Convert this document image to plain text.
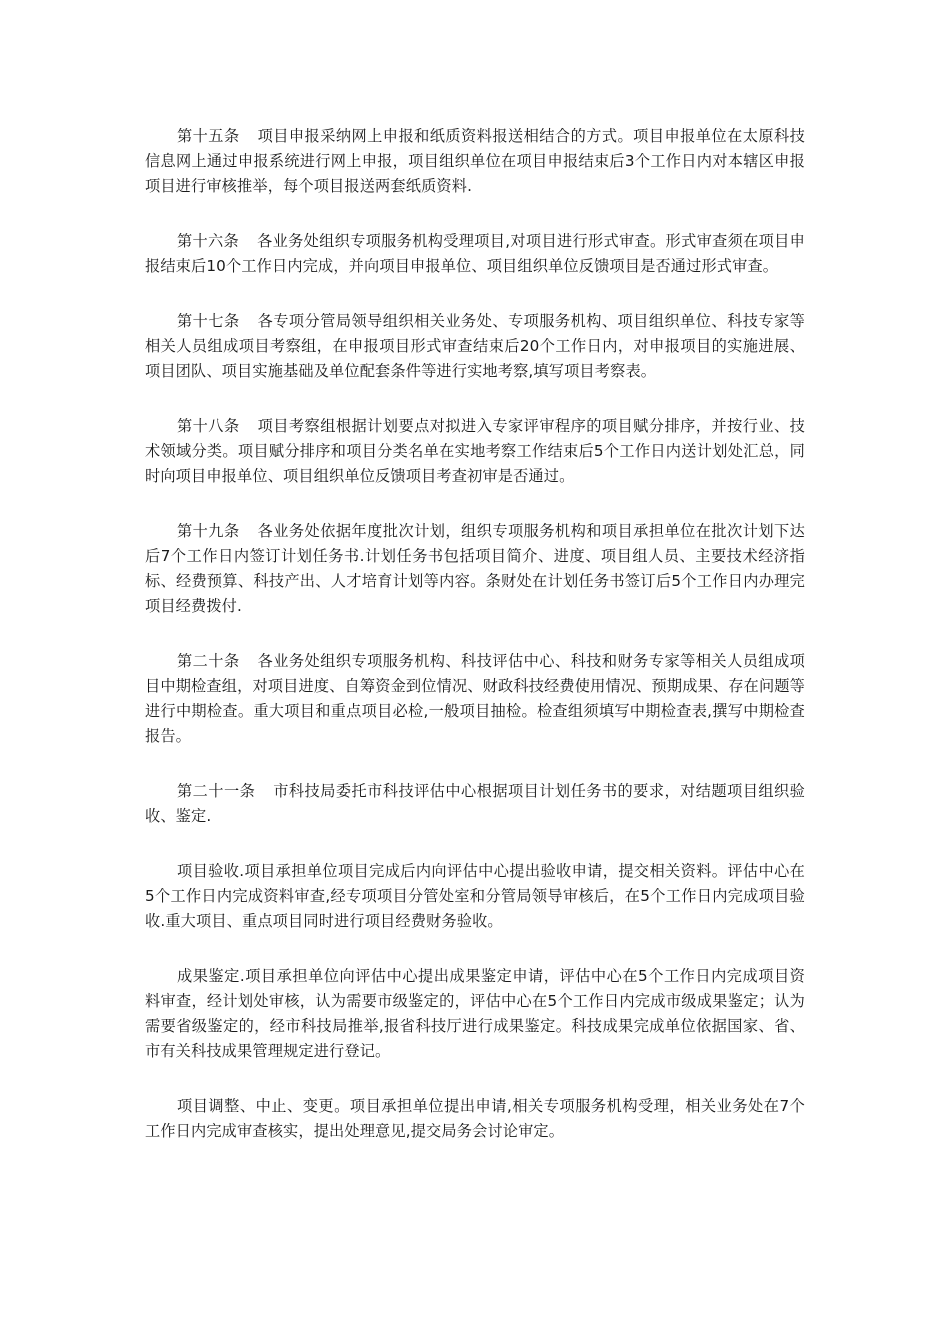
第十五条 项目申报采纳网上申报和纸质资料报送相结合的方式。项目申报单位在太原科技信息网上通过申报系统进行网上申报，项目组织单位在项目申报结束后3个工作日内对本辖区申报项目进行审核推举，每个项目报送两套纸质资料.

第十六条 各业务处组织专项服务机构受理项目,对项目进行形式审查。形式审查须在项目申报结束后10个工作日内完成，并向项目申报单位、项目组织单位反馈项目是否通过形式审查。

第十七条 各专项分管局领导组织相关业务处、专项服务机构、项目组织单位、科技专家等相关人员组成项目考察组，在申报项目形式审查结束后20个工作日内，对申报项目的实施进展、项目团队、项目实施基础及单位配套条件等进行实地考察,填写项目考察表。

第十八条 项目考察组根据计划要点对拟进入专家评审程序的项目赋分排序，并按行业、技术领域分类。项目赋分排序和项目分类名单在实地考察工作结束后5个工作日内送计划处汇总，同时向项目申报单位、项目组织单位反馈项目考查初审是否通过。

第十九条 各业务处依据年度批次计划，组织专项服务机构和项目承担单位在批次计划下达后7个工作日内签订计划任务书.计划任务书包括项目简介、进度、项目组人员、主要技术经济指标、经费预算、科技产出、人才培育计划等内容。条财处在计划任务书签订后5个工作日内办理完项目经费拨付.

第二十条 各业务处组织专项服务机构、科技评估中心、科技和财务专家等相关人员组成项目中期检查组，对项目进度、自筹资金到位情况、财政科技经费使用情况、预期成果、存在问题等进行中期检查。重大项目和重点项目必检,一般项目抽检。检查组须填写中期检查表,撰写中期检查报告。

第二十一条 市科技局委托市科技评估中心根据项目计划任务书的要求，对结题项目组织验收、鉴定.

项目验收.项目承担单位项目完成后内向评估中心提出验收申请，提交相关资料。评估中心在5个工作日内完成资料审查,经专项项目分管处室和分管局领导审核后，在5个工作日内完成项目验收.重大项目、重点项目同时进行项目经费财务验收。

成果鉴定.项目承担单位向评估中心提出成果鉴定申请，评估中心在5个工作日内完成项目资料审查，经计划处审核，认为需要市级鉴定的，评估中心在5个工作日内完成市级成果鉴定；认为需要省级鉴定的，经市科技局推举,报省科技厅进行成果鉴定。科技成果完成单位依据国家、省、市有关科技成果管理规定进行登记。

项目调整、中止、变更。项目承担单位提出申请,相关专项服务机构受理，相关业务处在7个工作日内完成审查核实，提出处理意见,提交局务会讨论审定。
